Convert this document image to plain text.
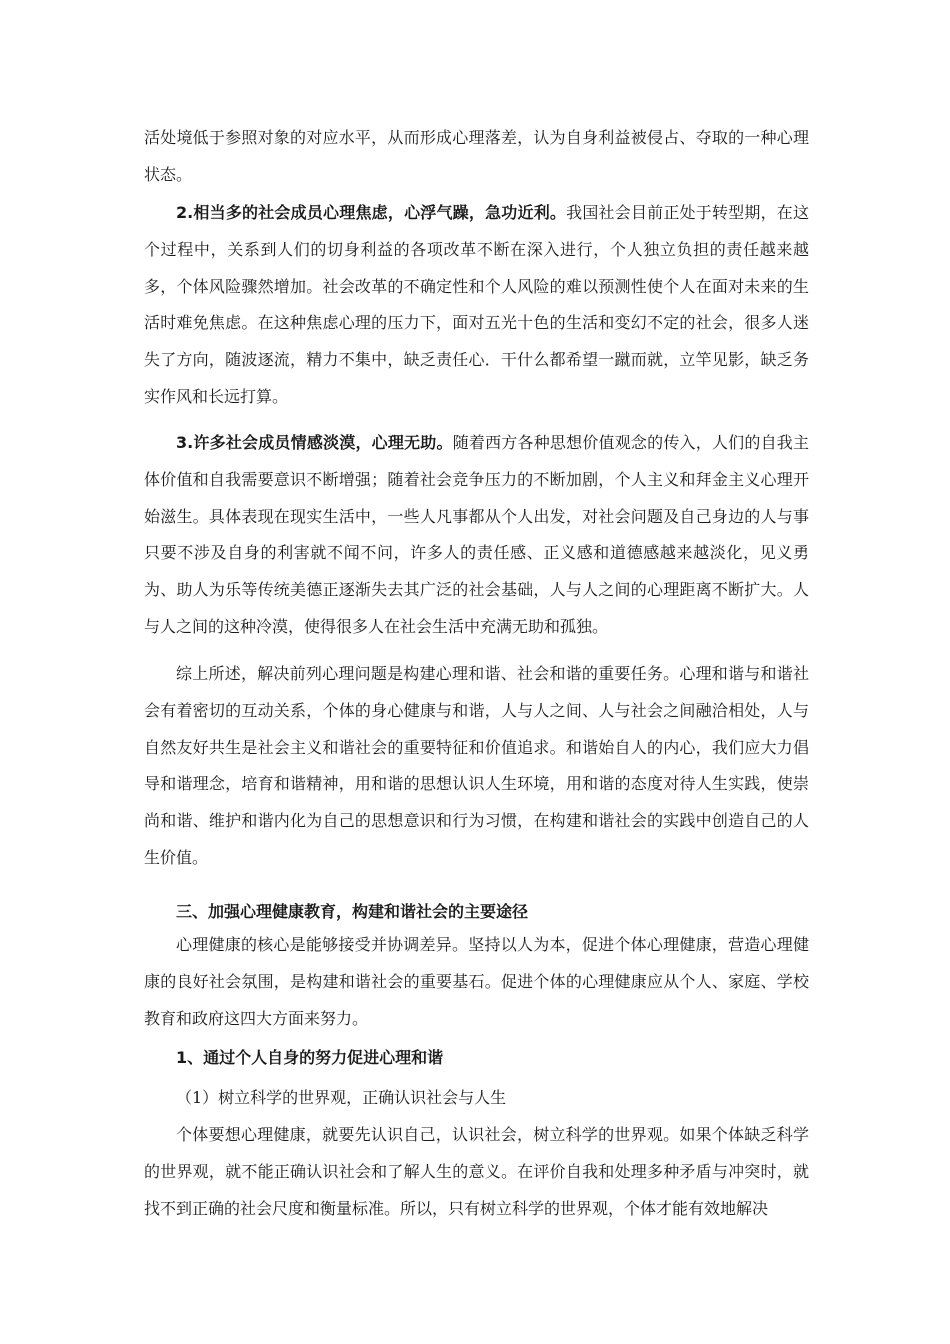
活处境低于参照对象的对应水平，从而形成心理落差，认为自身利益被侵占、夺取的一种心理状态。

2.相当多的社会成员心理焦虑，心浮气躁，急功近利。我国社会目前正处于转型期，在这个过程中，关系到人们的切身利益的各项改革不断在深入进行，个人独立负担的责任越来越多，个体风险骤然增加。社会改革的不确定性和个人风险的难以预测性使个人在面对未来的生活时难免焦虑。在这种焦虑心理的压力下，面对五光十色的生活和变幻不定的社会，很多人迷失了方向，随波逐流，精力不集中，缺乏责任心．干什么都希望一蹴而就，立竿见影，缺乏务实作风和长远打算。

3.许多社会成员情感淡漠，心理无助。随着西方各种思想价值观念的传入，人们的自我主体价值和自我需要意识不断增强；随着社会竞争压力的不断加剧，个人主义和拜金主义心理开始滋生。具体表现在现实生活中，一些人凡事都从个人出发，对社会问题及自己身边的人与事只要不涉及自身的利害就不闻不问，许多人的责任感、正义感和道德感越来越淡化，见义勇为、助人为乐等传统美德正逐渐失去其广泛的社会基础，人与人之间的心理距离不断扩大。人与人之间的这种冷漠，使得很多人在社会生活中充满无助和孤独。

综上所述，解决前列心理问题是构建心理和谐、社会和谐的重要任务。心理和谐与和谐社会有着密切的互动关系，个体的身心健康与和谐，人与人之间、人与社会之间融洽相处，人与自然友好共生是社会主义和谐社会的重要特征和价值追求。和谐始自人的内心，我们应大力倡导和谐理念，培育和谐精神，用和谐的思想认识人生环境，用和谐的态度对待人生实践，使崇尚和谐、维护和谐内化为自己的思想意识和行为习惯，在构建和谐社会的实践中创造自己的人生价值。

三、加强心理健康教育，构建和谐社会的主要途径

心理健康的核心是能够接受并协调差异。坚持以人为本，促进个体心理健康，营造心理健康的良好社会氛围，是构建和谐社会的重要基石。促进个体的心理健康应从个人、家庭、学校教育和政府这四大方面来努力。

1、通过个人自身的努力促进心理和谐

（1）树立科学的世界观，正确认识社会与人生

个体要想心理健康，就要先认识自己，认识社会，树立科学的世界观。如果个体缺乏科学的世界观，就不能正确认识社会和了解人生的意义。在评价自我和处理多种矛盾与冲突时，就找不到正确的社会尺度和衡量标准。所以，只有树立科学的世界观，个体才能有效地解决
